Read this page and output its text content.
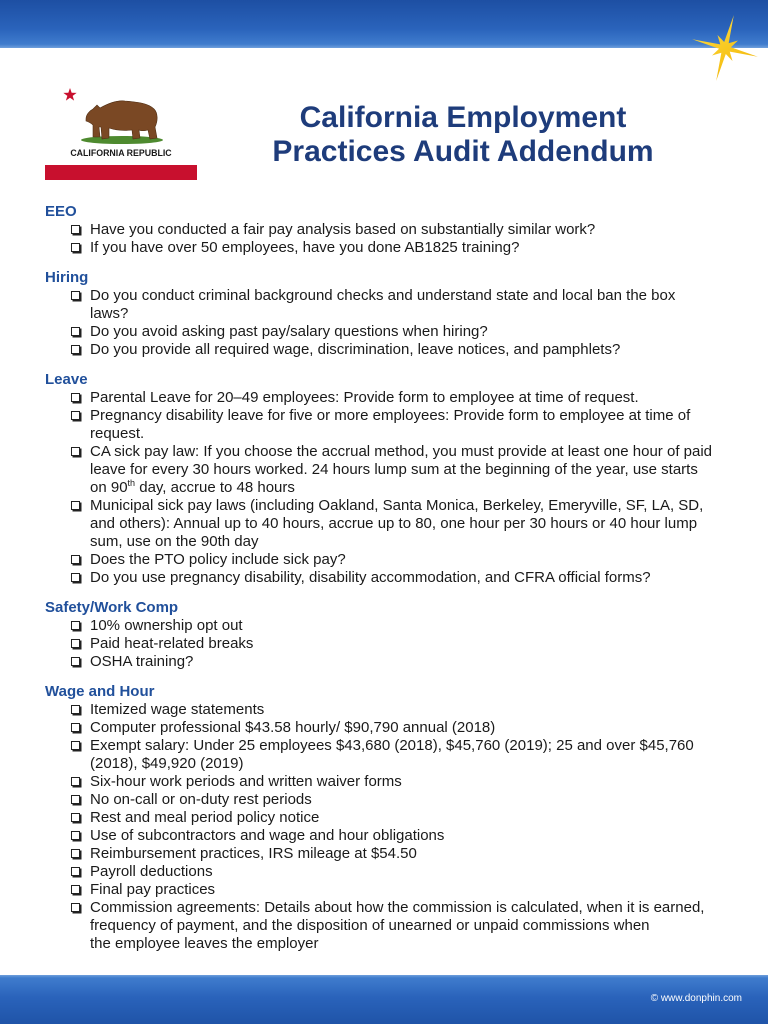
CALIFORNIA REPUBLIC
California Employment
Practices Audit Addendum
EEO
Have you conducted a fair pay analysis based on substantially similar work?
If you have over 50 employees, have you done AB1825 training?
Hiring
Do you conduct criminal background checks and understand state and local ban the box
laws?
Do you avoid asking past pay/salary questions when hiring?
Do you provide all required wage, discrimination, leave notices, and pamphlets?
Leave
Parental Leave for 20–49 employees: Provide form to employee at time of request.
Pregnancy disability leave for five or more employees: Provide form to employee at time of
request.
CA sick pay law: If you choose the accrual method, you must provide at least one hour of paid
leave for every 30 hours worked. 24 hours lump sum at the beginning of the year, use starts
on 90th day, accrue to 48 hours
Municipal sick pay laws (including Oakland, Santa Monica, Berkeley, Emeryville, SF, LA, SD,
and others): Annual up to 40 hours, accrue up to 80, one hour per 30 hours or 40 hour lump
sum, use on the 90th day
Does the PTO policy include sick pay?
Do you use pregnancy disability, disability accommodation, and CFRA official forms?
Safety/Work Comp
10% ownership opt out
Paid heat-related breaks
OSHA training?
Wage and Hour
Itemized wage statements
Computer professional $43.58 hourly/ $90,790 annual (2018)
Exempt salary: Under 25 employees $43,680 (2018), $45,760 (2019); 25 and over $45,760
(2018), $49,920 (2019)
Six-hour work periods and written waiver forms
No on-call or on-duty rest periods
Rest and meal period policy notice
Use of subcontractors and wage and hour obligations
Reimbursement practices, IRS mileage at $54.50
Payroll deductions
Final pay practices
Commission agreements: Details about how the commission is calculated, when it is earned,
frequency of payment, and the disposition of unearned or unpaid commissions when
the employee leaves the employer
© www.donphin.com
